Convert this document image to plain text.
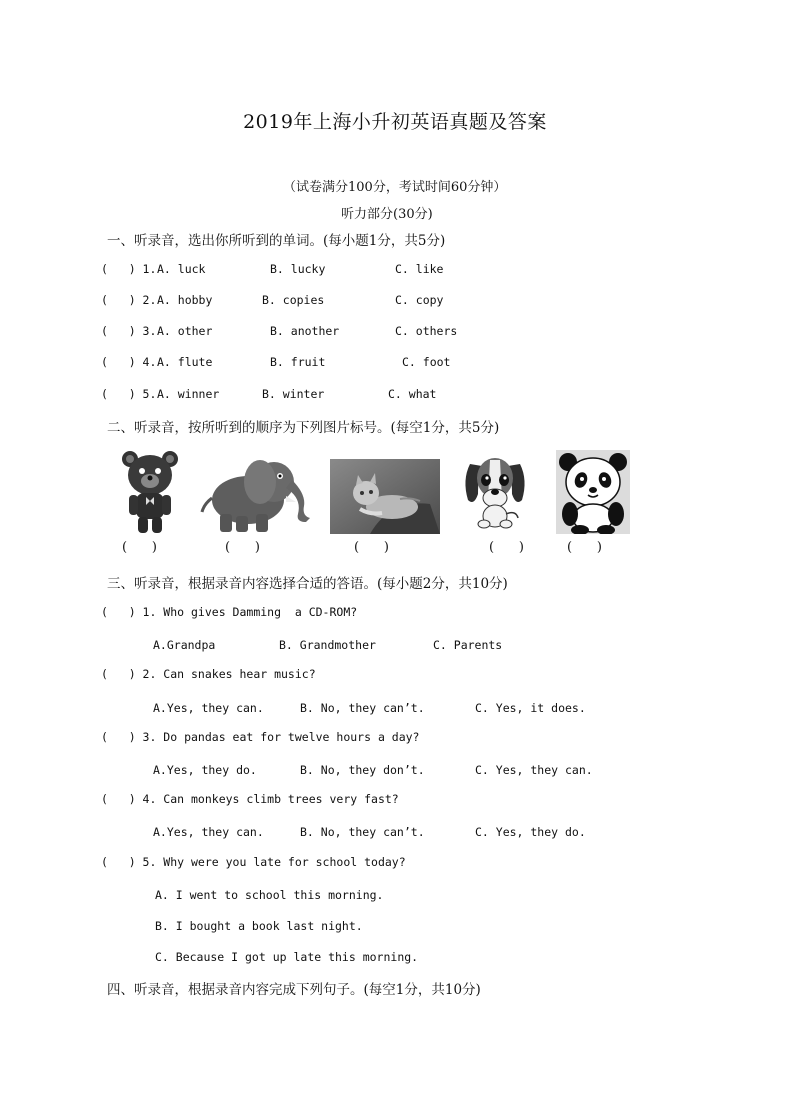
2019年上海小升初英语真题及答案
（试卷满分100分，考试时间60分钟）
听力部分(30分)
一、听录音，选出你所听到的单词。(每小题1分，共5分)
(   ) 1. A. luck	B. lucky	C. like
(   ) 2. A. hobby	B. copies	C. copy
(   ) 3. A. other	B. another	C. others
(   ) 4. A. flute	B. fruit	C. foot
(   ) 5. A. winner	B. winter	C. what
二、听录音，按所听到的顺序为下列图片标号。(每空1分，共5分)
(      )	(      )	(      )	(      )	(      )
三、听录音，根据录音内容选择合适的答语。(每小题2分，共10分)
(   ) 1. Who gives Damming  a CD-ROM?
A.Grandpa	B. Grandmother	C. Parents
(   ) 2. Can snakes hear music?
A.Yes, they can.	B. No, they can’t.	C. Yes, it does.
(   ) 3. Do pandas eat for twelve hours a day?
A.Yes, they do.	B. No, they don’t.	C. Yes, they can.
(   ) 4. Can monkeys climb trees very fast?
A.Yes, they can.	B. No, they can’t.	C. Yes, they do.
(   ) 5. Why were you late for school today?
A. I went to school this morning.
B. I bought a book last night.
C. Because I got up late this morning.
四、听录音，根据录音内容完成下列句子。(每空1分，共10分)
